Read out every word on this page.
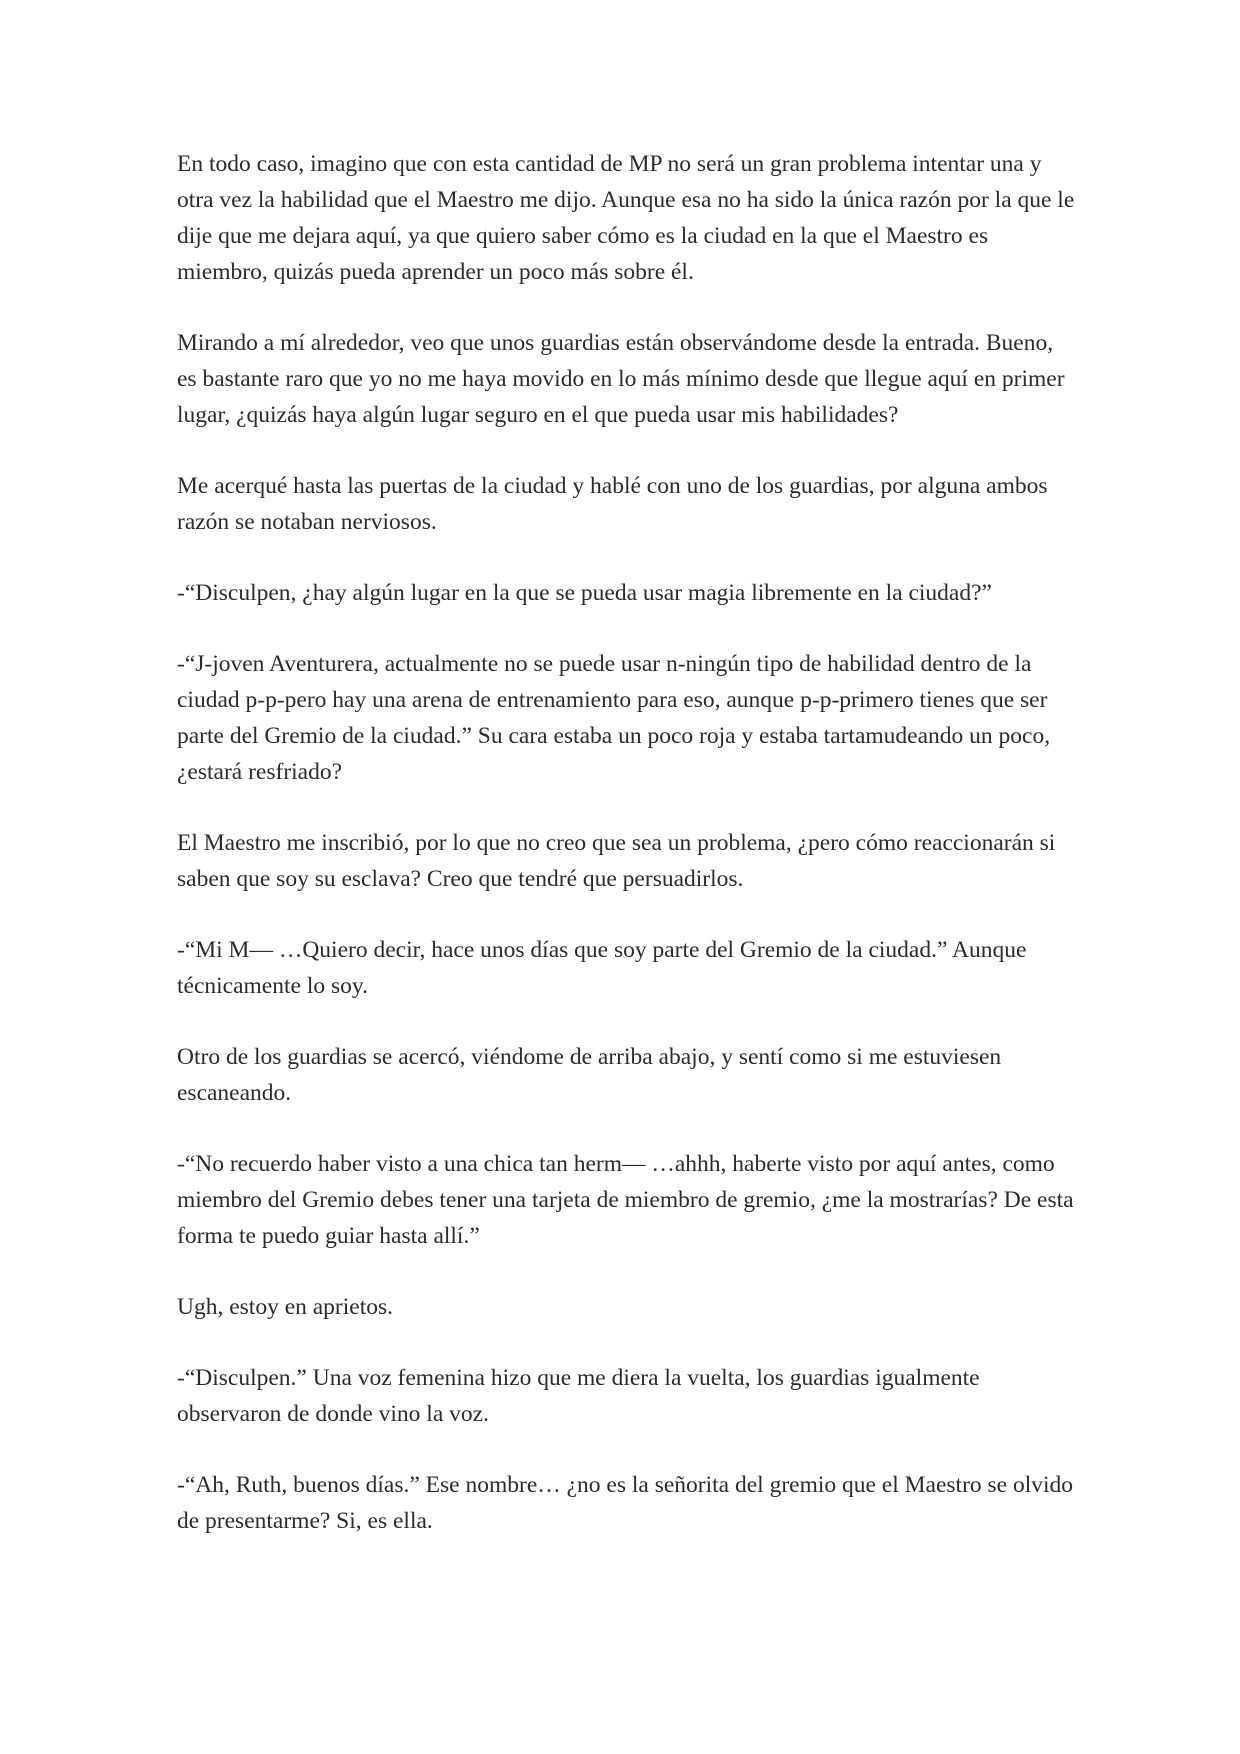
En todo caso, imagino que con esta cantidad de MP no será un gran problema intentar una y otra vez la habilidad que el Maestro me dijo. Aunque esa no ha sido la única razón por la que le dije que me dejara aquí, ya que quiero saber cómo es la ciudad en la que el Maestro es miembro, quizás pueda aprender un poco más sobre él.

Mirando a mí alrededor, veo que unos guardias están observándome desde la entrada. Bueno, es bastante raro que yo no me haya movido en lo más mínimo desde que llegue aquí en primer lugar, ¿quizás haya algún lugar seguro en el que pueda usar mis habilidades?

Me acerqué hasta las puertas de la ciudad y hablé con uno de los guardias, por alguna ambos razón se notaban nerviosos.

-“Disculpen, ¿hay algún lugar en la que se pueda usar magia libremente en la ciudad?”

-“J-joven Aventurera, actualmente no se puede usar n-ningún tipo de habilidad dentro de la ciudad p-p-pero hay una arena de entrenamiento para eso, aunque p-p-primero tienes que ser parte del Gremio de la ciudad.” Su cara estaba un poco roja y estaba tartamudeando un poco, ¿estará resfriado?

El Maestro me inscribió, por lo que no creo que sea un problema, ¿pero cómo reaccionarán si saben que soy su esclava? Creo que tendré que persuadirlos.

-“Mi M— …Quiero decir, hace unos días que soy parte del Gremio de la ciudad.” Aunque técnicamente lo soy.

Otro de los guardias se acercó, viéndome de arriba abajo, y sentí como si me estuviesen escaneando.

-“No recuerdo haber visto a una chica tan herm— …ahhh, haberte visto por aquí antes, como miembro del Gremio debes tener una tarjeta de miembro de gremio, ¿me la mostrarías? De esta forma te puedo guiar hasta allí.”

Ugh, estoy en aprietos.

-“Disculpen.” Una voz femenina hizo que me diera la vuelta, los guardias igualmente observaron de donde vino la voz.

-“Ah, Ruth, buenos días.” Ese nombre… ¿no es la señorita del gremio que el Maestro se olvido de presentarme? Si, es ella.
